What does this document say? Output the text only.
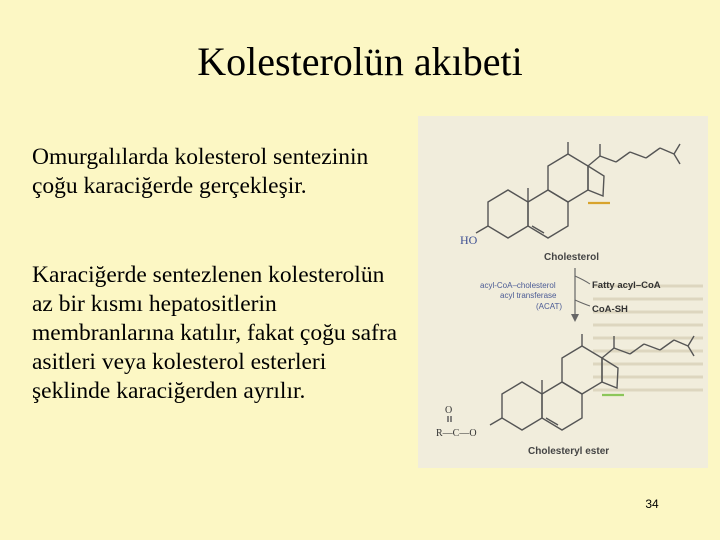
Kolesterolün akıbeti
Omurgalılarda kolesterol sentezinin çoğu karaciğerde gerçekleşir.
Karaciğerde sentezlenen kolesterolün az bir kısmı hepatositlerin membranlarına katılır, fakat çoğu safra asitleri veya kolesterol esterleri şeklinde karaciğerden ayrılır.
HO
Cholesterol
acyl-CoA–cholesterol
acyl transferase
(ACAT)
Fatty acyl–CoA
CoA-SH
O
R—C—O
Cholesteryl ester
34
